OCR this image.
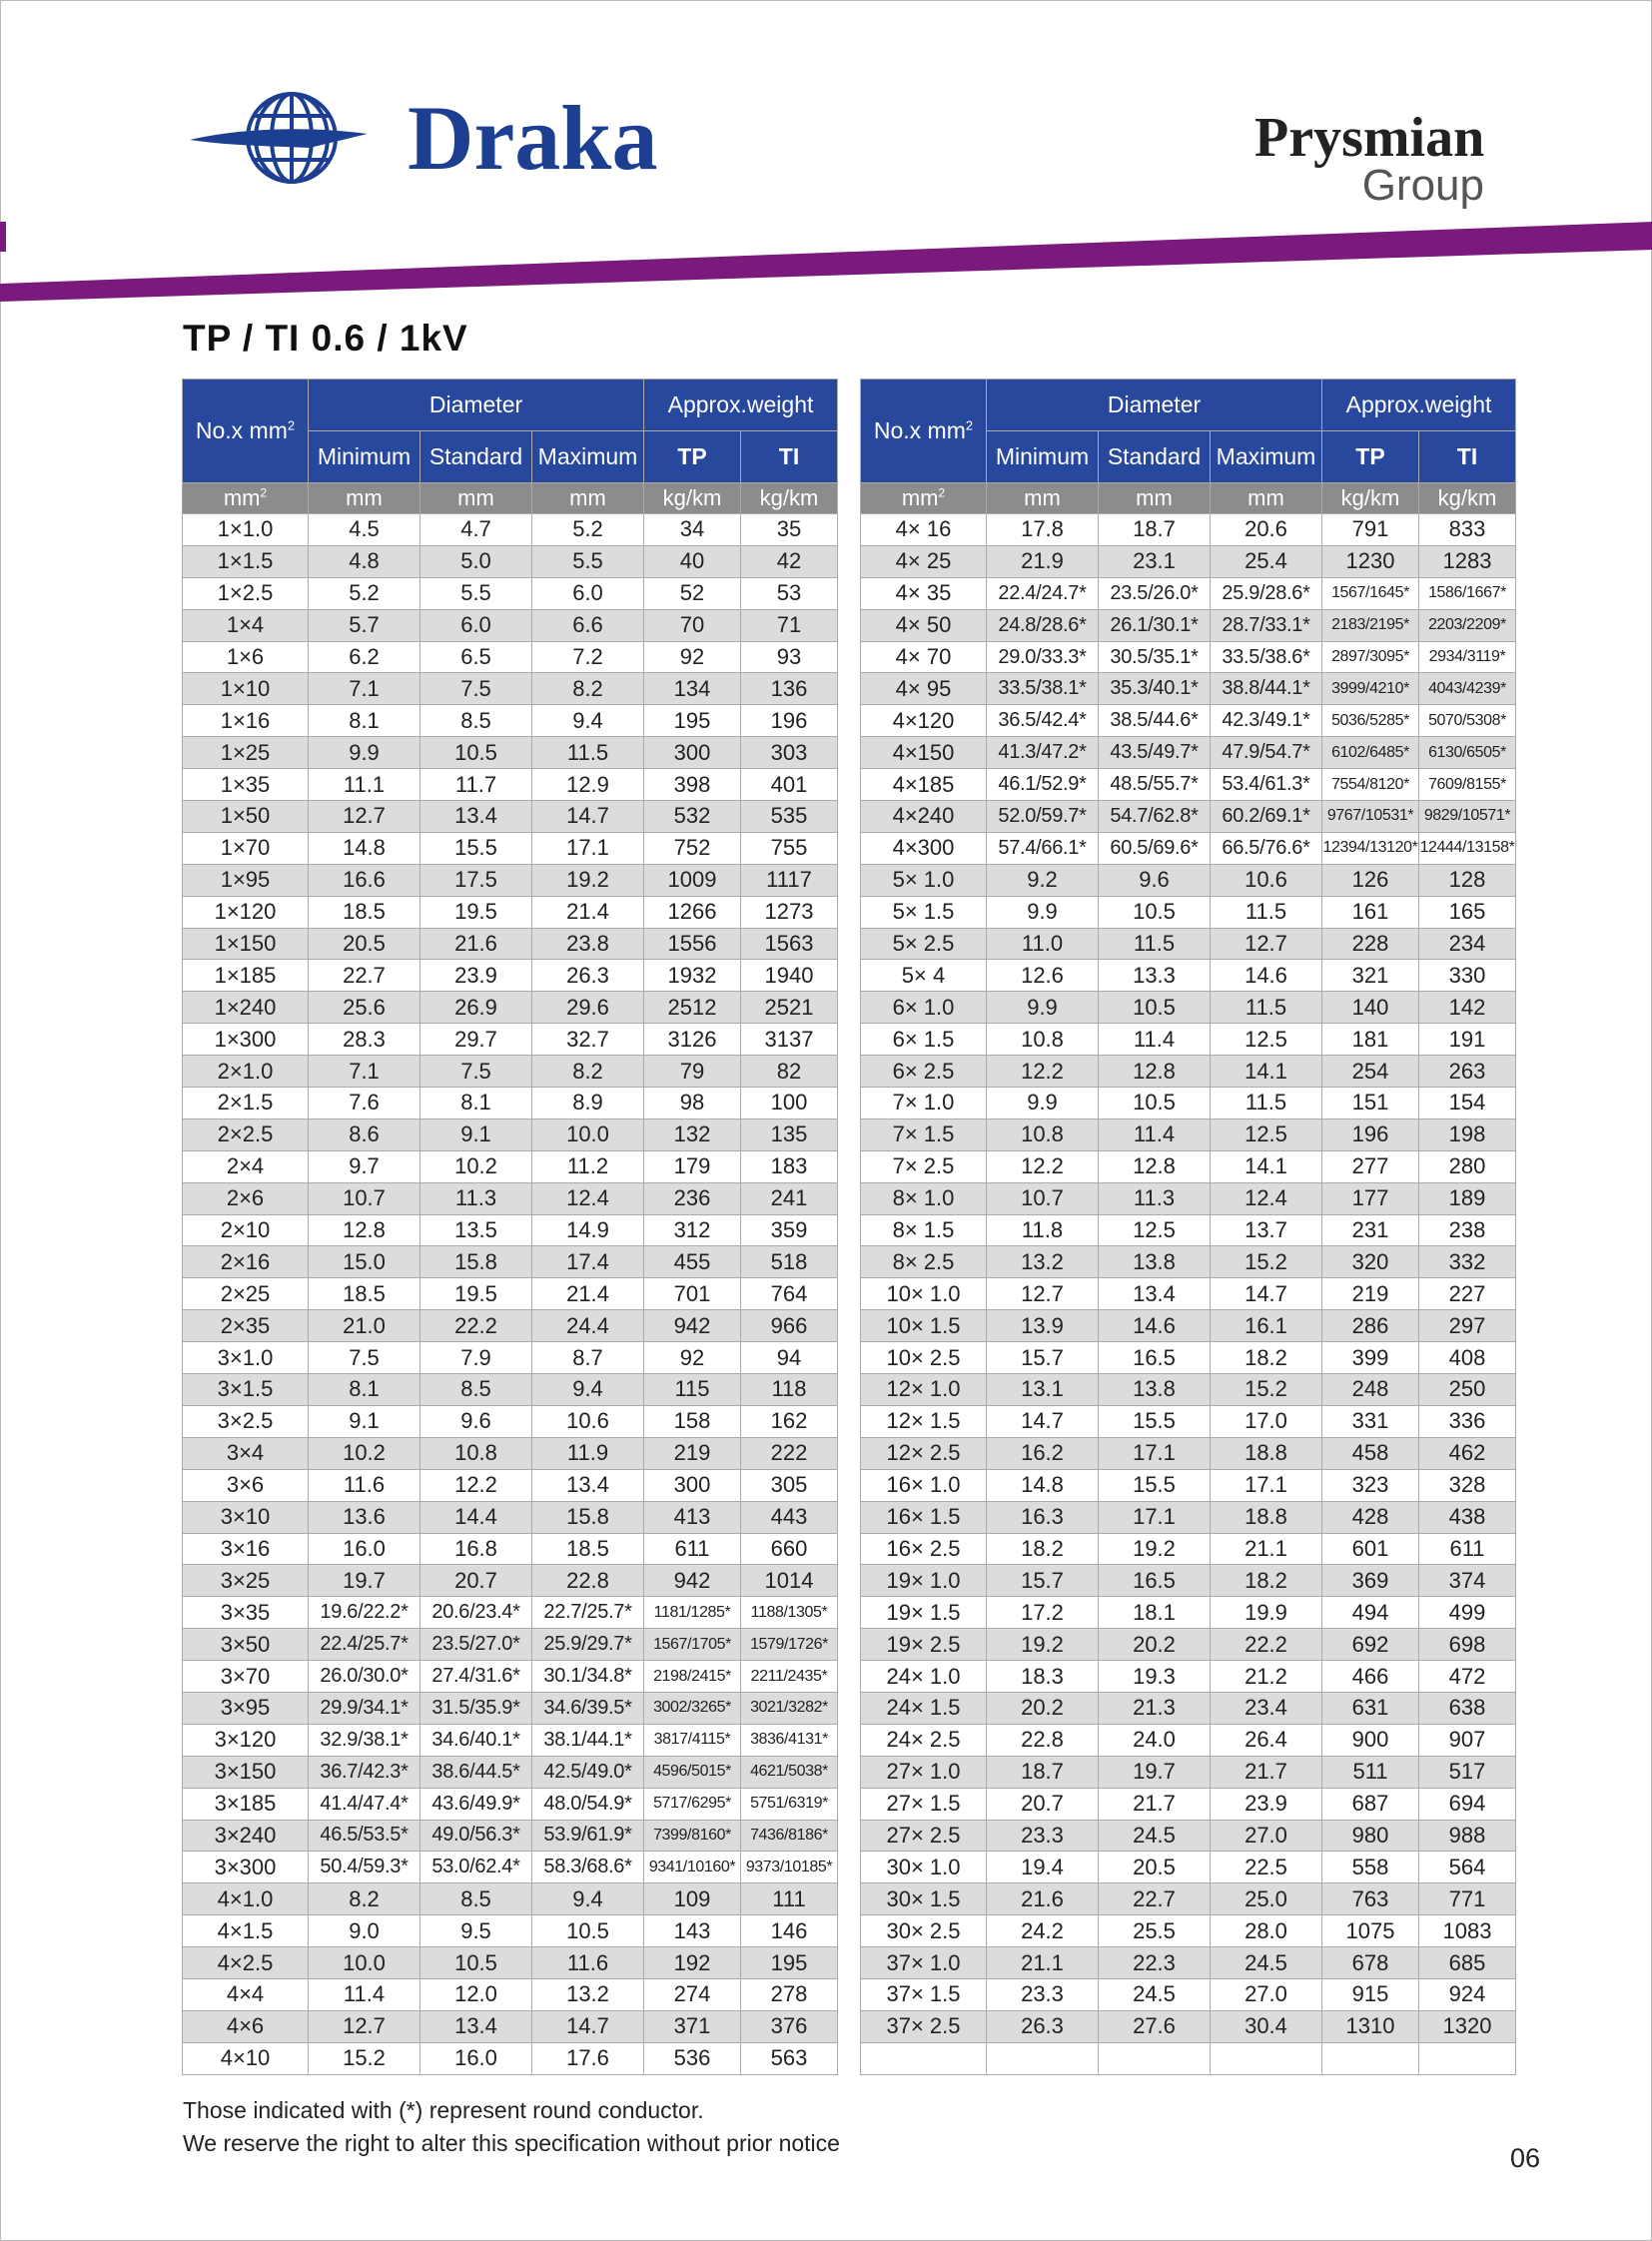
Draka	Prysmian
Group
TP / TI 0.6 / 1kV
No.x $mm^2$	Diameter			Approx.weight	
	Minimum	Standard	Maximum	TP	TI
$mm^2$	mm	mm	mm	kg/km	kg/km
1×1.0	4.5	4.7	5.2	34	35
1×1.5	4.8	5.0	5.5	40	42
1×2.5	5.2	5.5	6.0	52	53
1×4	5.7	6.0	6.6	70	71
1×6	6.2	6.5	7.2	92	93
1×10	7.1	7.5	8.2	134	136
1×16	8.1	8.5	9.4	195	196
1×25	9.9	10.5	11.5	300	303
1×35	11.1	11.7	12.9	398	401
1×50	12.7	13.4	14.7	532	535
1×70	14.8	15.5	17.1	752	755
1×95	16.6	17.5	19.2	1009	1117
1×120	18.5	19.5	21.4	1266	1273
1×150	20.5	21.6	23.8	1556	1563
1×185	22.7	23.9	26.3	1932	1940
1×240	25.6	26.9	29.6	2512	2521
1×300	28.3	29.7	32.7	3126	3137
2×1.0	7.1	7.5	8.2	79	82
2×1.5	7.6	8.1	8.9	98	100
2×2.5	8.6	9.1	10.0	132	135
2×4	9.7	10.2	11.2	179	183
2×6	10.7	11.3	12.4	236	241
2×10	12.8	13.5	14.9	312	359
2×16	15.0	15.8	17.4	455	518
2×25	18.5	19.5	21.4	701	764
2×35	21.0	22.2	24.4	942	966
3×1.0	7.5	7.9	8.7	92	94
3×1.5	8.1	8.5	9.4	115	118
3×2.5	9.1	9.6	10.6	158	162
3×4	10.2	10.8	11.9	219	222
3×6	11.6	12.2	13.4	300	305
3×10	13.6	14.4	15.8	413	443
3×16	16.0	16.8	18.5	611	660
3×25	19.7	20.7	22.8	942	1014
3×35	19.6/22.2*	20.6/23.4*	22.7/25.7*	1181/1285*	1188/1305*
3×50	22.4/25.7*	23.5/27.0*	25.9/29.7*	1567/1705*	1579/1726*
3×70	26.0/30.0*	27.4/31.6*	30.1/34.8*	2198/2415*	2211/2435*
3×95	29.9/34.1*	31.5/35.9*	34.6/39.5*	3002/3265*	3021/3282*
3×120	32.9/38.1*	34.6/40.1*	38.1/44.1*	3817/4115*	3836/4131*
3×150	36.7/42.3*	38.6/44.5*	42.5/49.0*	4596/5015*	4621/5038*
3×185	41.4/47.4*	43.6/49.9*	48.0/54.9*	5717/6295*	5751/6319*
3×240	46.5/53.5*	49.0/56.3*	53.9/61.9*	7399/8160*	7436/8186*
3×300	50.4/59.3*	53.0/62.4*	58.3/68.6*	9341/10160*	9373/10185*
4×1.0	8.2	8.5	9.4	109	111
4×1.5	9.0	9.5	10.5	143	146
4×2.5	10.0	10.5	11.6	192	195
4×4	11.4	12.0	13.2	274	278
4×6	12.7	13.4	14.7	371	376
4×10	15.2	16.0	17.6	536	563
No.x $mm^2$	Diameter			Approx.weight	
	Minimum	Standard	Maximum	TP	TI
$mm^2$	mm	mm	mm	kg/km	kg/km
4× 16	17.8	18.7	20.6	791	833
4× 25	21.9	23.1	25.4	1230	1283
4× 35	22.4/24.7*	23.5/26.0*	25.9/28.6*	1567/1645*	1586/1667*
4× 50	24.8/28.6*	26.1/30.1*	28.7/33.1*	2183/2195*	2203/2209*
4× 70	29.0/33.3*	30.5/35.1*	33.5/38.6*	2897/3095*	2934/3119*
4× 95	33.5/38.1*	35.3/40.1*	38.8/44.1*	3999/4210*	4043/4239*
4×120	36.5/42.4*	38.5/44.6*	42.3/49.1*	5036/5285*	5070/5308*
4×150	41.3/47.2*	43.5/49.7*	47.9/54.7*	6102/6485*	6130/6505*
4×185	46.1/52.9*	48.5/55.7*	53.4/61.3*	7554/8120*	7609/8155*
4×240	52.0/59.7*	54.7/62.8*	60.2/69.1*	9767/10531*	9829/10571*
4×300	57.4/66.1*	60.5/69.6*	66.5/76.6*	12394/13120*	12444/13158*
5× 1.0	9.2	9.6	10.6	126	128
5× 1.5	9.9	10.5	11.5	161	165
5× 2.5	11.0	11.5	12.7	228	234
5× 4	12.6	13.3	14.6	321	330
6× 1.0	9.9	10.5	11.5	140	142
6× 1.5	10.8	11.4	12.5	181	191
6× 2.5	12.2	12.8	14.1	254	263
7× 1.0	9.9	10.5	11.5	151	154
7× 1.5	10.8	11.4	12.5	196	198
7× 2.5	12.2	12.8	14.1	277	280
8× 1.0	10.7	11.3	12.4	177	189
8× 1.5	11.8	12.5	13.7	231	238
8× 2.5	13.2	13.8	15.2	320	332
10× 1.0	12.7	13.4	14.7	219	227
10× 1.5	13.9	14.6	16.1	286	297
10× 2.5	15.7	16.5	18.2	399	408
12× 1.0	13.1	13.8	15.2	248	250
12× 1.5	14.7	15.5	17.0	331	336
12× 2.5	16.2	17.1	18.8	458	462
16× 1.0	14.8	15.5	17.1	323	328
16× 1.5	16.3	17.1	18.8	428	438
16× 2.5	18.2	19.2	21.1	601	611
19× 1.0	15.7	16.5	18.2	369	374
19× 1.5	17.2	18.1	19.9	494	499
19× 2.5	19.2	20.2	22.2	692	698
24× 1.0	18.3	19.3	21.2	466	472
24× 1.5	20.2	21.3	23.4	631	638
24× 2.5	22.8	24.0	26.4	900	907
27× 1.0	18.7	19.7	21.7	511	517
27× 1.5	20.7	21.7	23.9	687	694
27× 2.5	23.3	24.5	27.0	980	988
30× 1.0	19.4	20.5	22.5	558	564
30× 1.5	21.6	22.7	25.0	763	771
30× 2.5	24.2	25.5	28.0	1075	1083
37× 1.0	21.1	22.3	24.5	678	685
37× 1.5	23.3	24.5	27.0	915	924
37× 2.5	26.3	27.6	30.4	1310	1320

Those indicated with (*) represent round conductor.
We reserve the right to alter this specification without prior notice	06
